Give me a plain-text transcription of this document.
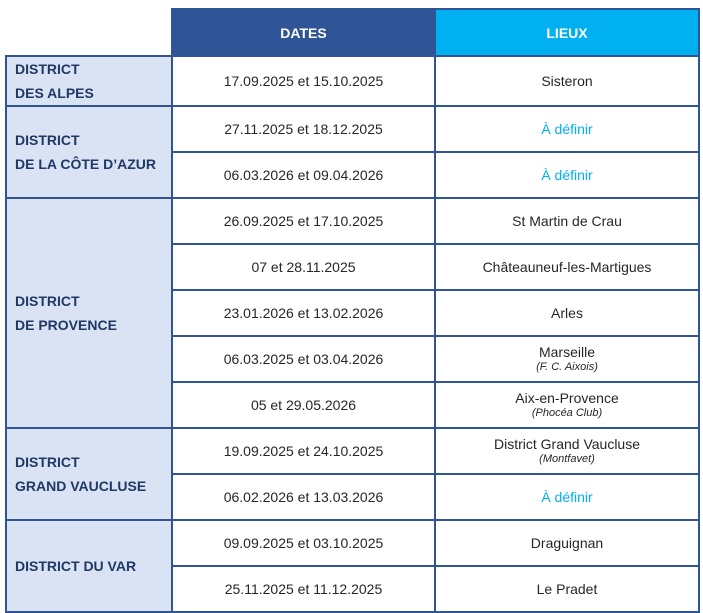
	DATES	LIEUX

DISTRICT
DES ALPES	17.09.2025 et 15.10.2025	Sisteron

DISTRICT
DE LA CÔTE D’AZUR	27.11.2025 et 18.12.2025	À définir

	06.03.2026 et 09.04.2026	À définir

DISTRICT
DE PROVENCE	26.09.2025 et 17.10.2025	St Martin de Crau

	07 et 28.11.2025	Châteauneuf-les-Martigues

	23.01.2026 et 13.02.2026	Arles

	06.03.2025 et 03.04.2026	Marseille
(F. C. Aixois)

	05 et 29.05.2026	Aix-en-Provence
(Phocéa Club)

DISTRICT
GRAND VAUCLUSE	19.09.2025 et 24.10.2025	District Grand Vaucluse
(Montfavet)

	06.02.2026 et 13.03.2026	À définir

DISTRICT DU VAR	09.09.2025 et 03.10.2025	Draguignan

	25.11.2025 et 11.12.2025	Le Pradet
